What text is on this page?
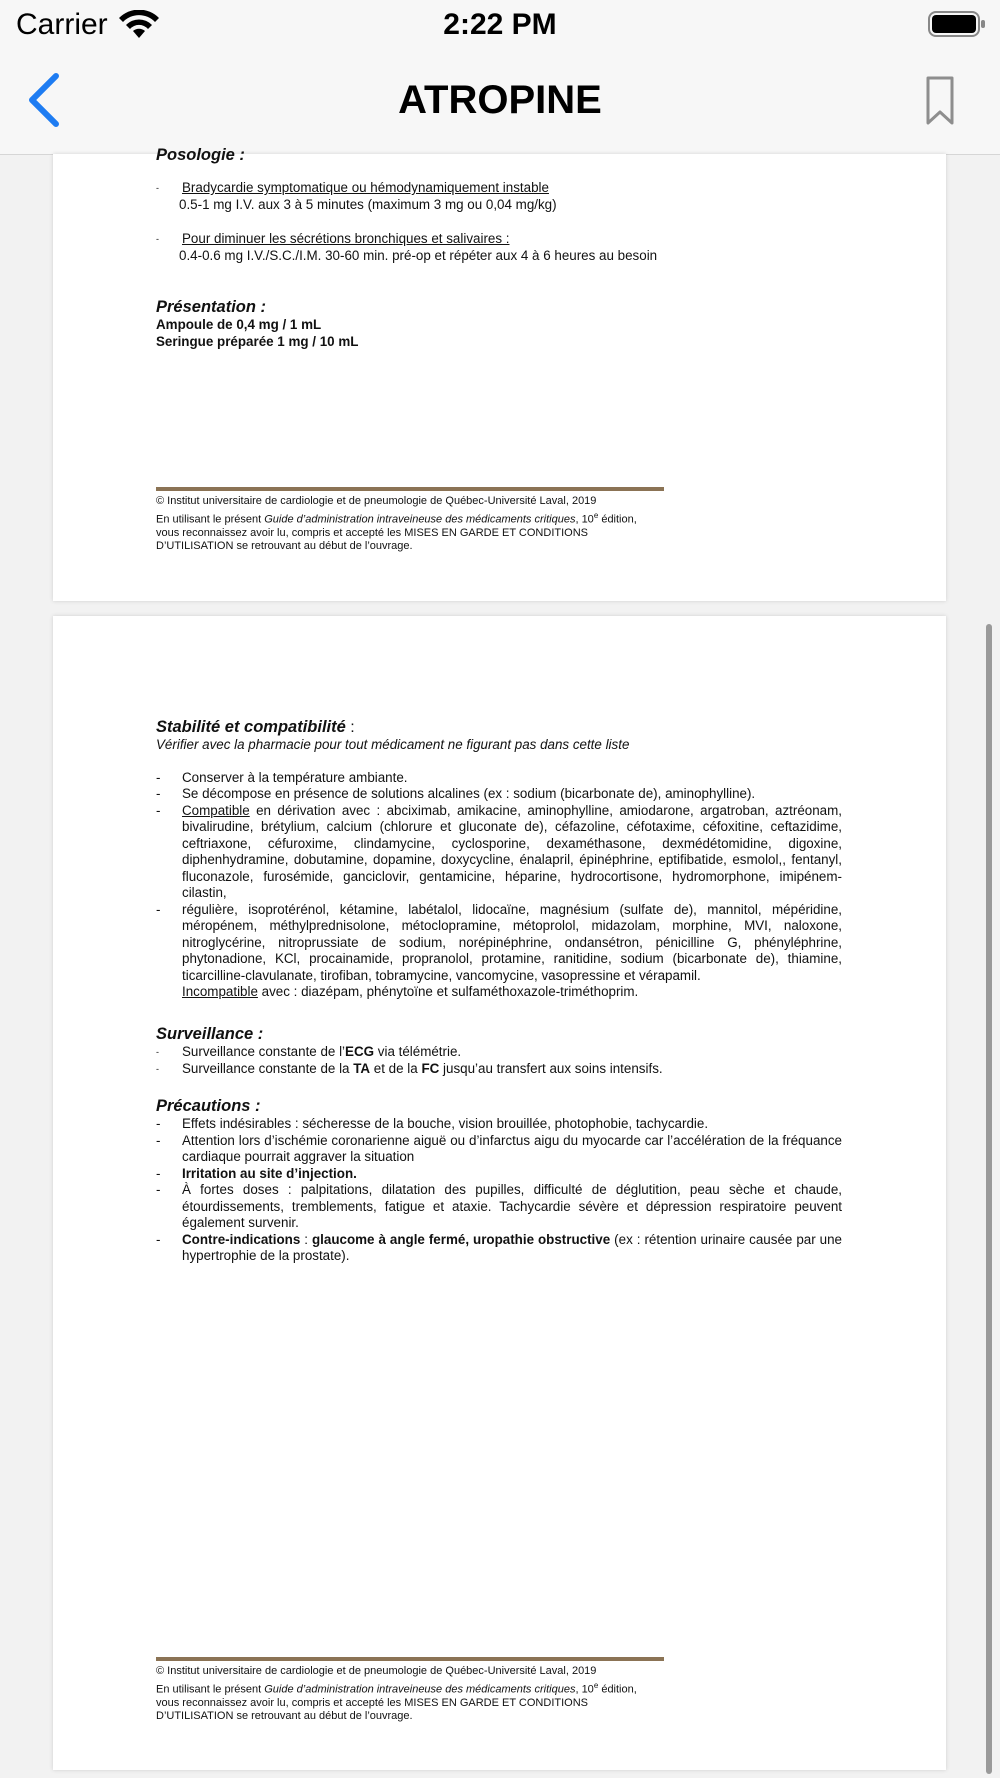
Carrier	2:22 PM
ATROPINE
Posologie :
- Bradycardie symptomatique ou hémodynamiquement instable
0.5-1 mg I.V. aux 3 à 5 minutes (maximum 3 mg ou 0,04 mg/kg)
- Pour diminuer les sécrétions bronchiques et salivaires :
0.4-0.6 mg I.V./S.C./I.M. 30-60 min. pré-op et répéter aux 4 à 6 heures au besoin
Présentation :
Ampoule de 0,4 mg / 1 mL
Seringue préparée 1 mg / 10 mL
© Institut universitaire de cardiologie et de pneumologie de Québec-Université Laval, 2019
En utilisant le présent Guide d’administration intraveineuse des médicaments critiques, 10e édition,
vous reconnaissez avoir lu, compris et accepté les MISES EN GARDE ET CONDITIONS
D’UTILISATION se retrouvant au début de l’ouvrage.
Stabilité et compatibilité :
Vérifier avec la pharmacie pour tout médicament ne figurant pas dans cette liste
- Conserver à la température ambiante.
- Se décompose en présence de solutions alcalines (ex : sodium (bicarbonate de), aminophylline).
- Compatible en dérivation avec : abciximab, amikacine, aminophylline, amiodarone, argatroban, aztréonam, bivalirudine, brétylium, calcium (chlorure et gluconate de), céfazoline, céfotaxime, céfoxitine, ceftazidime, ceftriaxone, céfuroxime, clindamycine, cyclosporine, dexaméthasone, dexmédétomidine, digoxine, diphenhydramine, dobutamine, dopamine, doxycycline, énalapril, épinéphrine, eptifibatide, esmolol,, fentanyl, fluconazole, furosémide, ganciclovir, gentamicine, héparine, hydrocortisone, hydromorphone, imipénem-cilastin,
- régulière, isoprotérénol, kétamine, labétalol, lidocaïne, magnésium (sulfate de), mannitol, mépéridine, méropénem, méthylprednisolone, métoclopramine, métoprolol, midazolam, morphine, MVI, naloxone, nitroglycérine, nitroprussiate de sodium, norépinéphrine, ondansétron, pénicilline G, phényléphrine, phytonadione, KCl, procainamide, propranolol, protamine, ranitidine, sodium (bicarbonate de), thiamine, ticarcilline-clavulanate, tirofiban, tobramycine, vancomycine, vasopressine et vérapamil.
Incompatible avec : diazépam, phénytoïne et sulfaméthoxazole-triméthoprim.
Surveillance :
- Surveillance constante de l’ECG via télémétrie.
- Surveillance constante de la TA et de la FC jusqu’au transfert aux soins intensifs.
Précautions :
- Effets indésirables : sécheresse de la bouche, vision brouillée, photophobie, tachycardie.
- Attention lors d’ischémie coronarienne aiguë ou d’infarctus aigu du myocarde car l’accélération de la fréquance cardiaque pourrait aggraver la situation
- Irritation au site d’injection.
- À fortes doses : palpitations, dilatation des pupilles, difficulté de déglutition, peau sèche et chaude, étourdissements, tremblements, fatigue et ataxie. Tachycardie sévère et dépression respiratoire peuvent également survenir.
- Contre-indications : glaucome à angle fermé, uropathie obstructive (ex : rétention urinaire causée par une hypertrophie de la prostate).
© Institut universitaire de cardiologie et de pneumologie de Québec-Université Laval, 2019
En utilisant le présent Guide d’administration intraveineuse des médicaments critiques, 10e édition,
vous reconnaissez avoir lu, compris et accepté les MISES EN GARDE ET CONDITIONS
D’UTILISATION se retrouvant au début de l’ouvrage.
